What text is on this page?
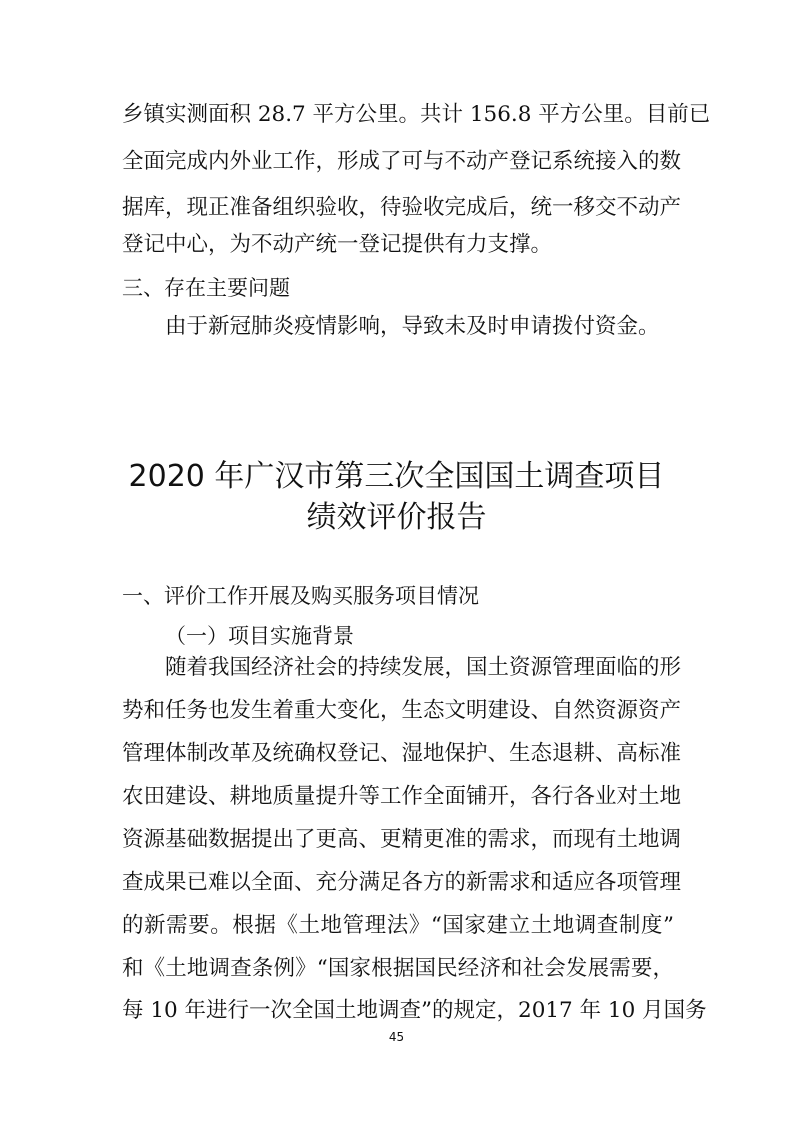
乡镇实测面积 28.7 平方公里。共计 156.8 平方公里。目前已
全面完成内外业工作，形成了可与不动产登记系统接入的数
据库，现正准备组织验收，待验收完成后，统一移交不动产
登记中心，为不动产统一登记提供有力支撑。
三、存在主要问题
由于新冠肺炎疫情影响，导致未及时申请拨付资金。
2020 年广汉市第三次全国国土调查项目
绩效评价报告
一、评价工作开展及购买服务项目情况
（一）项目实施背景
随着我国经济社会的持续发展，国土资源管理面临的形
势和任务也发生着重大变化，生态文明建设、自然资源资产
管理体制改革及统确权登记、湿地保护、生态退耕、高标准
农田建设、耕地质量提升等工作全面铺开，各行各业对土地
资源基础数据提出了更高、更精更准的需求，而现有土地调
查成果已难以全面、充分满足各方的新需求和适应各项管理
的新需要。根据《土地管理法》“国家建立土地调查制度”
和《土地调查条例》“国家根据国民经济和社会发展需要，
每 10 年进行一次全国土地调查”的规定，2017 年 10 月国务
45
